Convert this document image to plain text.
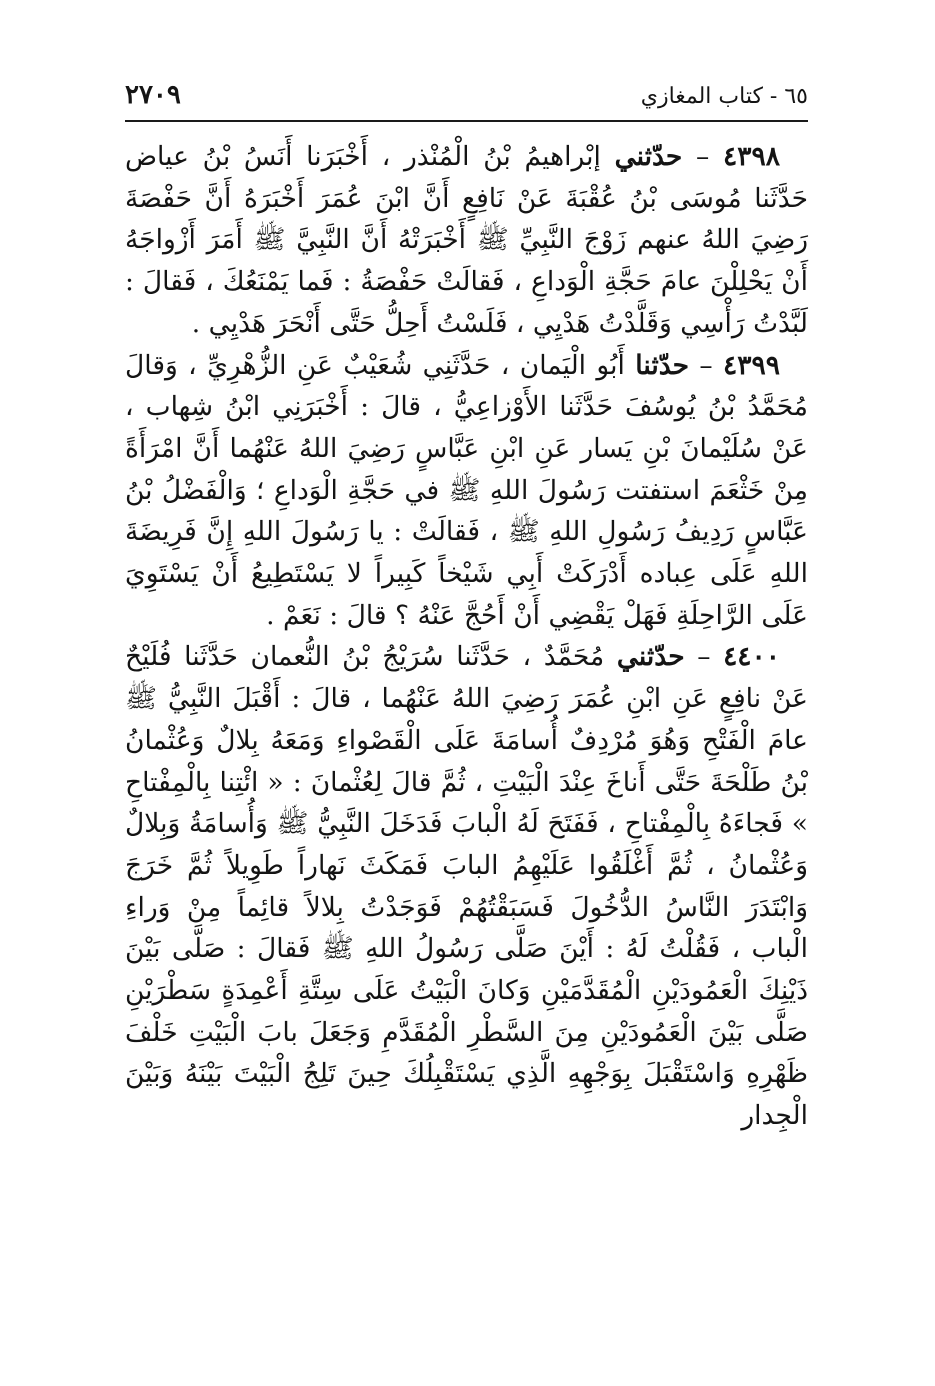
٦٥ - كتاب المغازي
٢٧٠٩

٤٣٩٨ – حدّثني إبْراهيمُ بْنُ الْمُنْذر ، أَخْبَرَنا أَنَسُ بْنُ عياض حَدَّثَنا مُوسَى بْنُ عُقْبَةَ عَنْ نَافِعٍ أَنَّ ابْنَ عُمَرَ أَخْبَرَهُ أَنَّ حَفْصَةَ رَضِيَ اللهُ عنهم زَوْجَ النَّبِيِّ ﷺ أَخْبَرَتْهُ أَنَّ النَّبِيَّ ﷺ أَمَرَ أَزْواجَهُ أَنْ يَحْلِلْنَ عامَ حَجَّةِ الْوَداعِ ، فَقالَتْ حَفْصَةُ : فَما يَمْنَعُكَ ، فَقالَ : لَبَّدْتُ رَأْسِي وَقَلَّدْتُ هَدْيِي ، فَلَسْتُ أَحِلُّ حَتَّى أَنْحَرَ هَدْيِي .

٤٣٩٩ – حدّثنا أَبُو الْيَمان ، حَدَّثَنِي شُعَيْبٌ عَنِ الزُّهْرِيِّ ، وَقالَ مُحَمَّدُ بْنُ يُوسُفَ حَدَّثَنا الأَوْزاعِيُّ ، قالَ : أَخْبَرَنِي ابْنُ شِهاب ، عَنْ سُلَيْمانَ بْنِ يَسار عَنِ ابْنِ عَبَّاسٍ رَضِيَ اللهُ عَنْهُما أَنَّ امْرَأَةً مِنْ خَثْعَمَ استفتت رَسُولَ اللهِ ﷺ في حَجَّةِ الْوَداعِ ؛ وَالْفَضْلُ بْنُ عَبَّاسٍ رَدِيفُ رَسُولِ اللهِ ﷺ ، فَقالَتْ : يا رَسُولَ اللهِ إِنَّ فَرِيضَةَ اللهِ عَلَى عِباده أَدْرَكَتْ أَبِي شَيْخاً كَبِيراً لا يَسْتَطِيعُ أَنْ يَسْتَوِيَ عَلَى الرَّاحِلَةِ فَهَلْ يَقْضِي أَنْ أَحُجَّ عَنْهُ ؟ قالَ : نَعَمْ .

٤٤٠٠ – حدّثني مُحَمَّدٌ ، حَدَّثَنا سُرَيْجُ بْنُ النُّعمان حَدَّثَنا فُلَيْحٌ عَنْ نافِعٍ عَنِ ابْنِ عُمَرَ رَضِيَ اللهُ عَنْهُما ، قالَ : أَقْبَلَ النَّبِيُّ ﷺ عامَ الْفَتْحِ وَهُوَ مُرْدِفٌ أُسامَةَ عَلَى الْقَصْواءِ وَمَعَهُ بِلالٌ وَعُثْمانُ بْنُ طَلْحَةَ حَتَّى أَناخَ عِنْدَ الْبَيْتِ ، ثُمَّ قالَ لِعُثْمانَ : « ائْتِنا بِالْمِفْتاحِ » فَجاءَهُ بِالْمِفْتاحِ ، فَفَتَحَ لَهُ الْبابَ فَدَخَلَ النَّبِيُّ ﷺ وَأُسامَةُ وَبِلالٌ وَعُثْمانُ ، ثُمَّ أَغْلَقُوا عَلَيْهِمُ البابَ فَمَكَثَ نَهاراً طَوِيلاً ثُمَّ خَرَجَ وَابْتَدَرَ النَّاسُ الدُّخُولَ فَسَبَقْتُهُمْ فَوَجَدْتُ بِلالاً قائِماً مِنْ وَراءِ الْباب ، فَقُلْتُ لَهُ : أَيْنَ صَلَّى رَسُولُ اللهِ ﷺ فَقالَ : صَلَّى بَيْنَ ذَيْنِكَ الْعَمُودَيْنِ الْمُقَدَّمَيْنِ وَكانَ الْبَيْتُ عَلَى سِتَّةِ أَعْمِدَةٍ سَطْرَيْنِ صَلَّى بَيْنَ الْعَمُودَيْنِ مِنَ السَّطْرِ الْمُقَدَّمِ وَجَعَلَ بابَ الْبَيْتِ خَلْفَ ظَهْرِهِ وَاسْتَقْبَلَ بِوَجْهِهِ الَّذِي يَسْتَقْبِلُكَ حِينَ تَلِجُ الْبَيْتَ بَيْنَهُ وَبَيْنَ الْجِدار
